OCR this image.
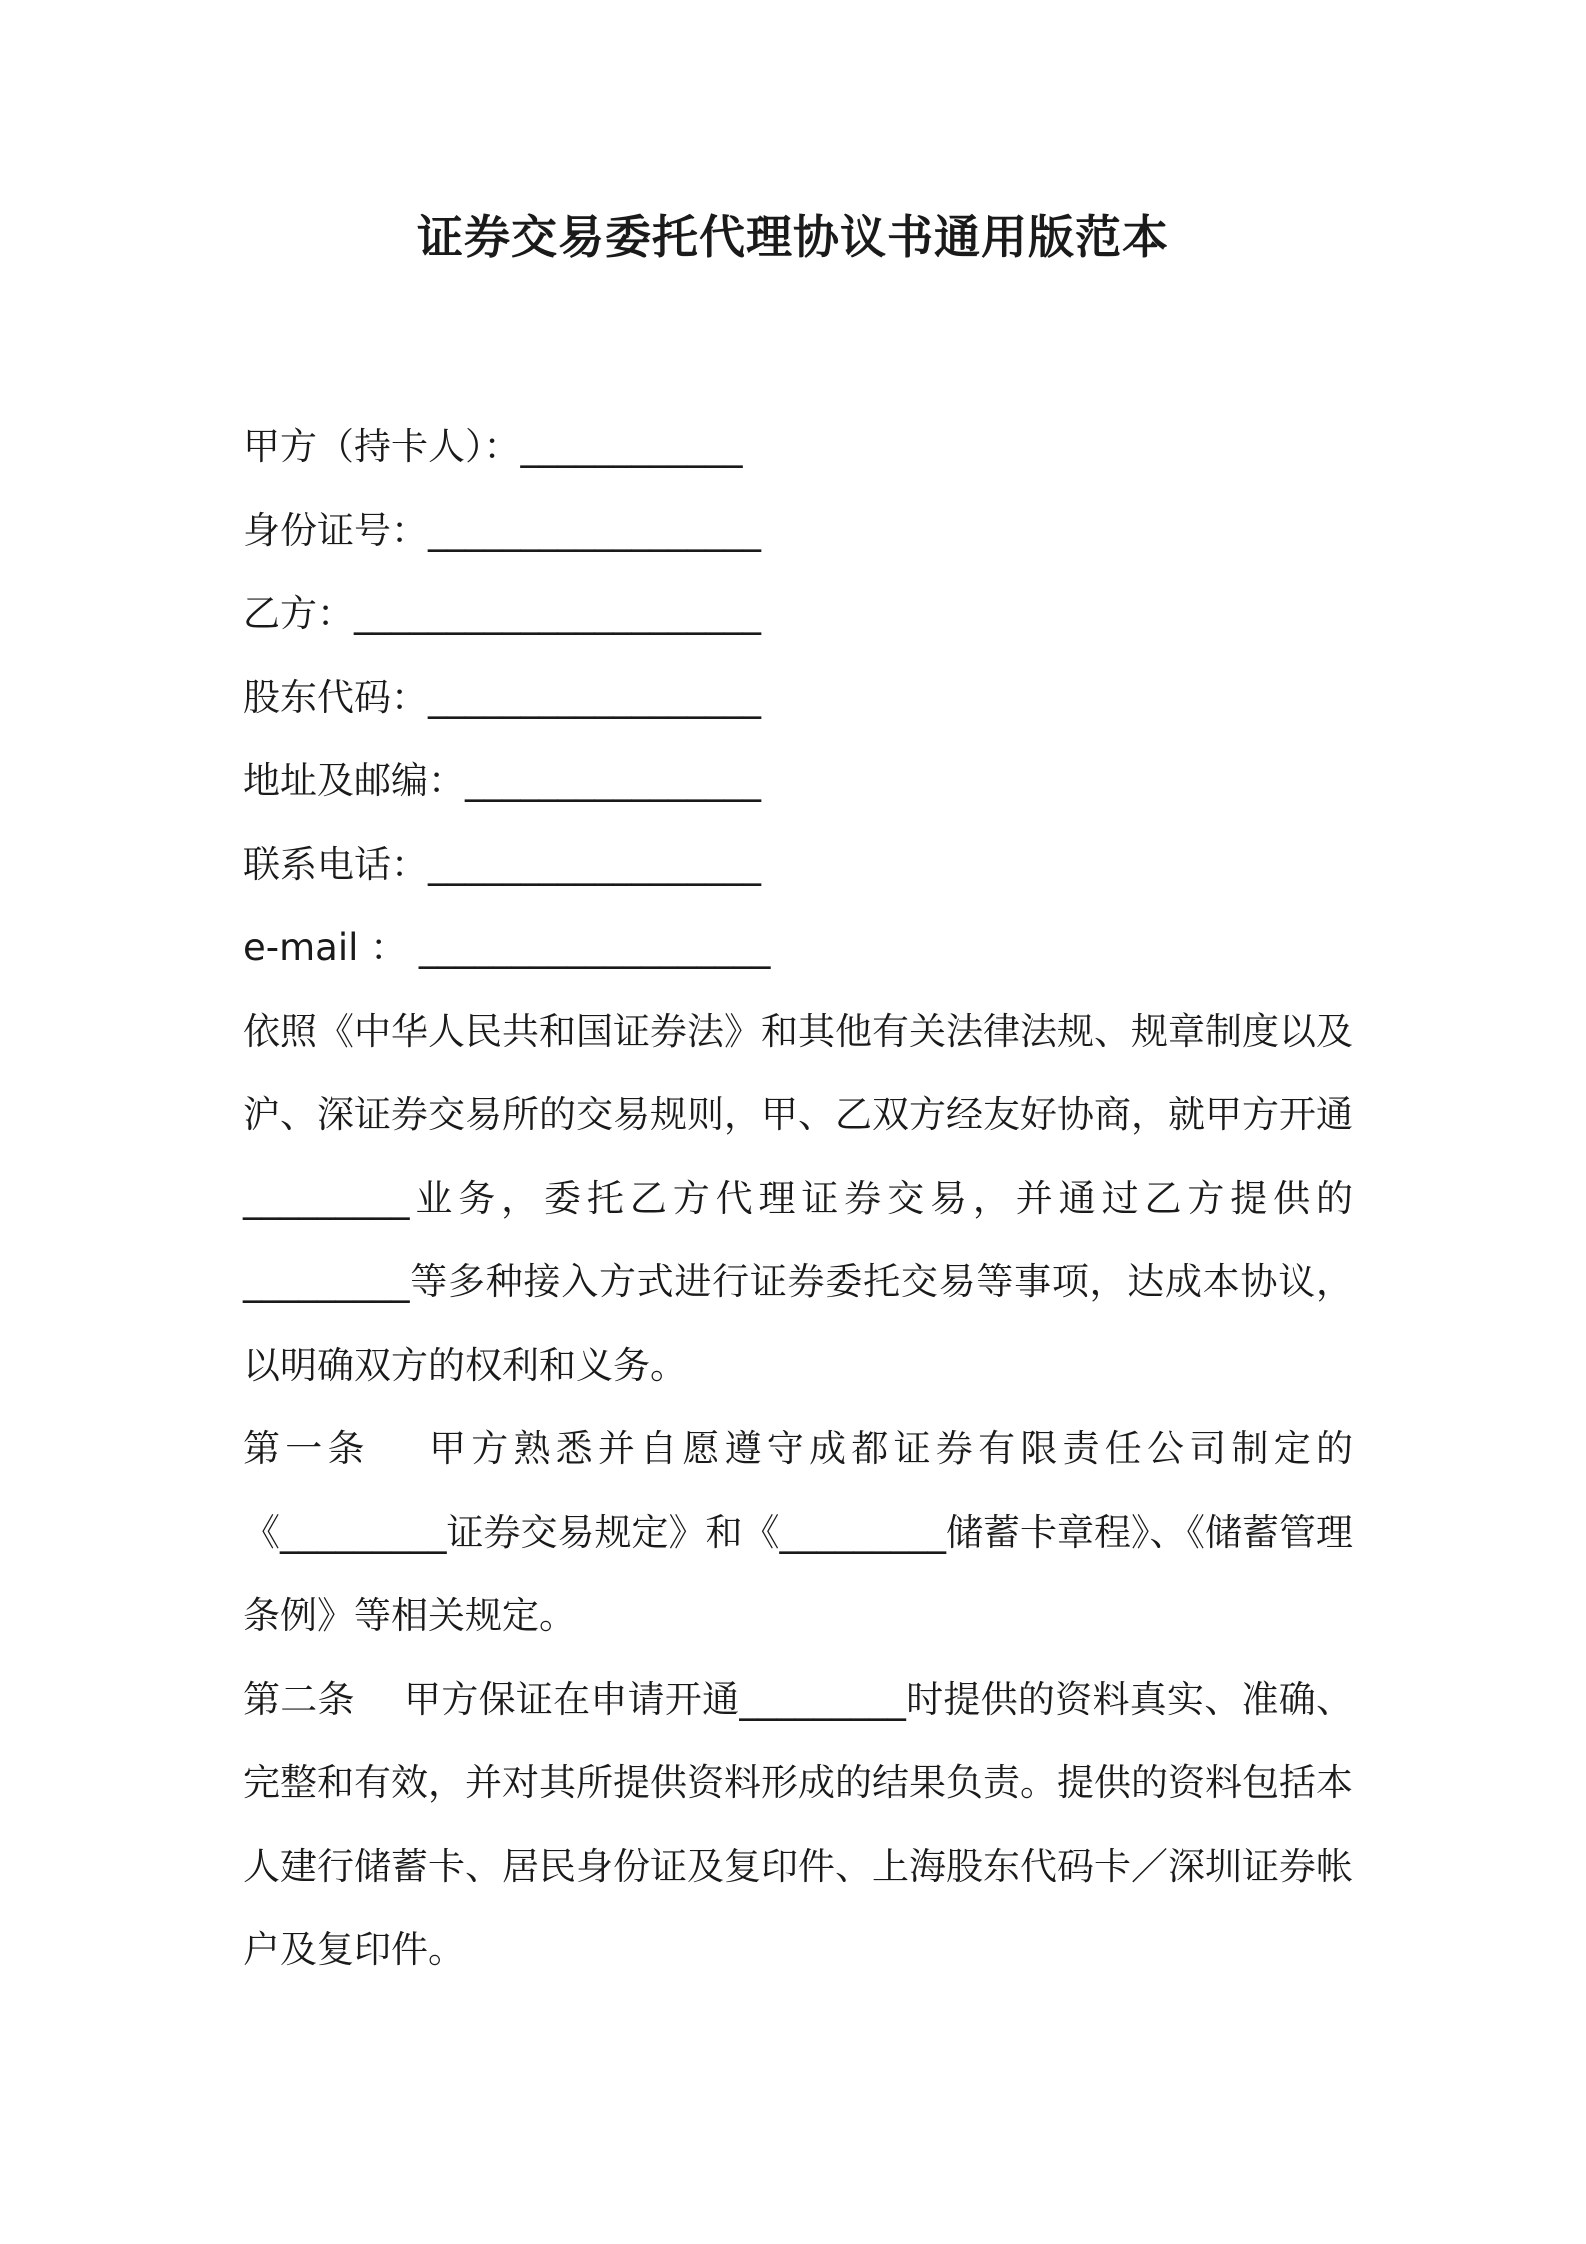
证券交易委托代理协议书通用版范本
甲方（持卡人）：____________
身份证号：__________________
乙方：______________________
股东代码：__________________
地址及邮编：________________
联系电话：__________________
e-mail ： ___________________
依照《中华人民共和国证券法》和其他有关法律法规、规章制度以及沪、深证券交易所的交易规则，甲、乙双方经友好协商，就甲方开通_________业务，委托乙方代理证券交易，并通过乙方提供的_________等多种接入方式进行证券委托交易等事项，达成本协议，以明确双方的权利和义务。
第一条　 甲方熟悉并自愿遵守成都证券有限责任公司制定的《_________证券交易规定》和《_________储蓄卡章程》、《储蓄管理条例》等相关规定。
第二条　 甲方保证在申请开通_________时提供的资料真实、准确、完整和有效，并对其所提供资料形成的结果负责。提供的资料包括本人建行储蓄卡、居民身份证及复印件、上海股东代码卡／深圳证券帐户及复印件。
